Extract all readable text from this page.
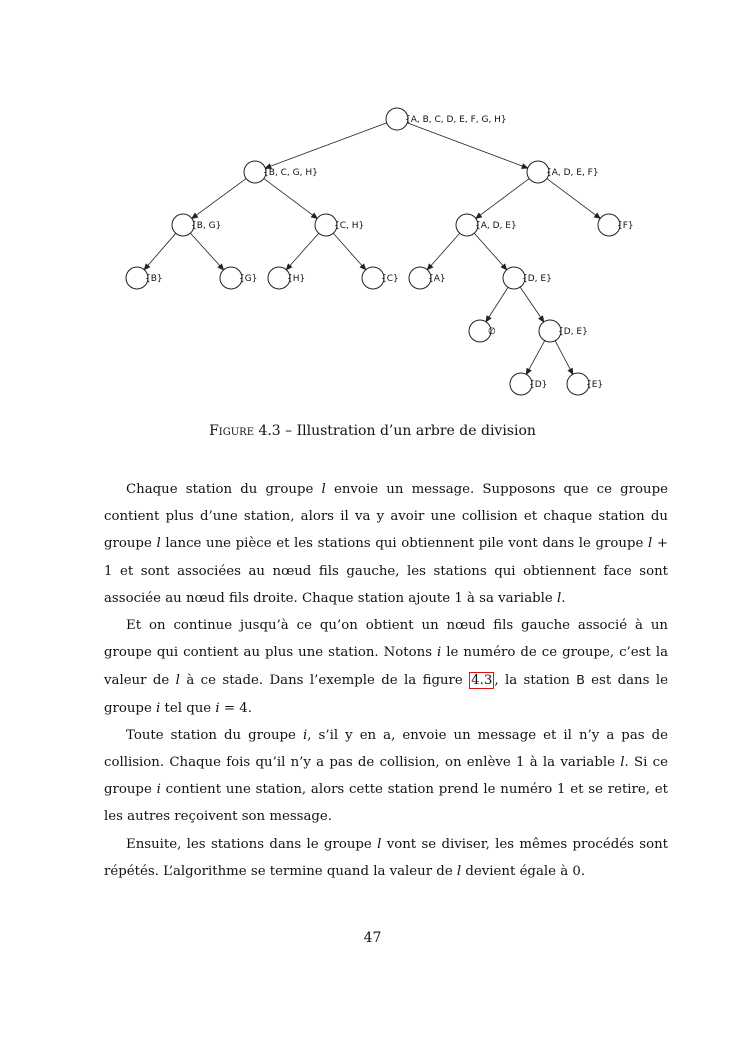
{A, B, C, D, E, F, G, H}
{B, C, G, H}	{A, D, E, F}
{B, G}	{C, H}	{A, D, E}	{F}
{B}	{G}	{H}	{C}	{A}	{D, E}
∅	{D, E}
{D}	{E}
Figure 4.3 – Illustration d’un arbre de division

Chaque station du groupe l envoie un message. Supposons que ce groupe contient plus d’une station, alors il va y avoir une collision et chaque station du groupe l lance une pièce et les stations qui obtiennent pile vont dans le groupe l + 1 et sont associées au nœud fils gauche, les stations qui obtiennent face sont associée au nœud fils droite. Chaque station ajoute 1 à sa variable l.

Et on continue jusqu’à ce qu’on obtient un nœud fils gauche associé à un groupe qui contient au plus une station. Notons i le numéro de ce groupe, c’est la valeur de l à ce stade. Dans l’exemple de la figure 4.3 , la station B est dans le groupe i tel que i = 4.

Toute station du groupe i, s’il y en a, envoie un message et il n’y a pas de collision. Chaque fois qu’il n’y a pas de collision, on enlève 1 à la variable l. Si ce groupe i contient une station, alors cette station prend le numéro 1 et se retire, et les autres reçoivent son message.

Ensuite, les stations dans le groupe l vont se diviser, les mêmes procédés sont répétés. L’algorithme se termine quand la valeur de l devient égale à 0.

47
